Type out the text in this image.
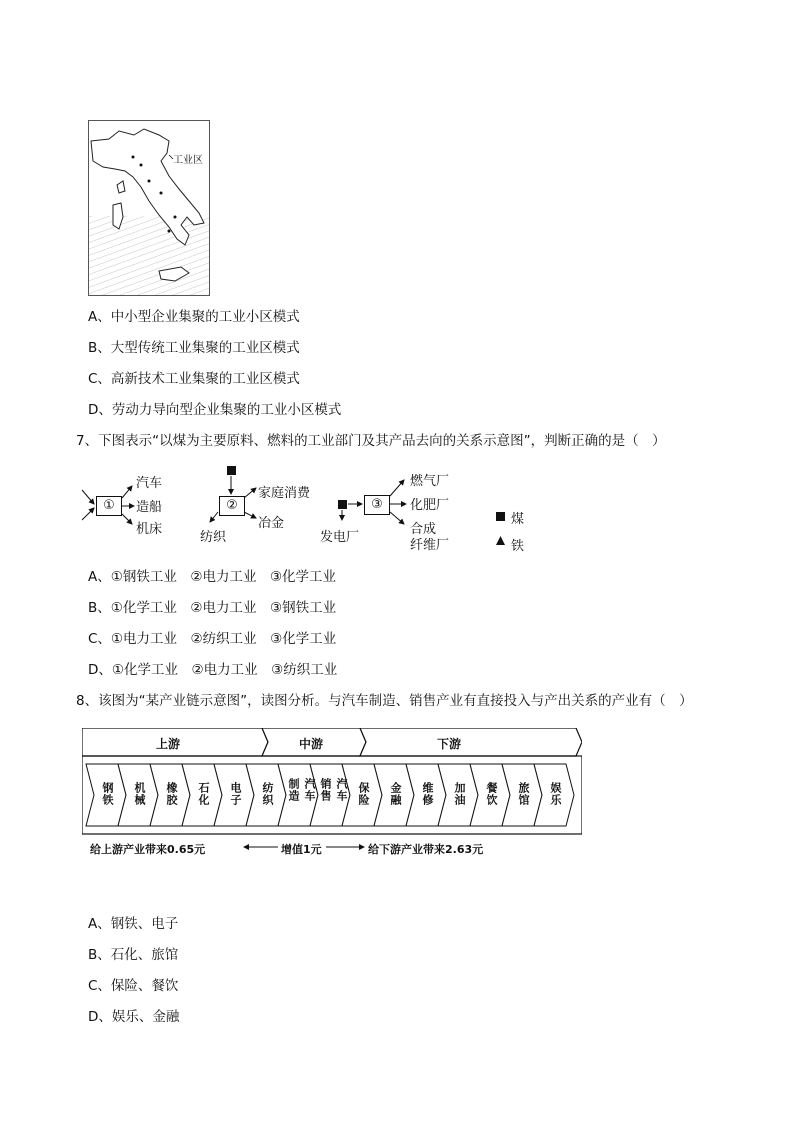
工业区
A、中小型企业集聚的工业小区模式
B、大型传统工业集聚的工业区模式
C、高新技术工业集聚的工业区模式
D、劳动力导向型企业集聚的工业小区模式
7、下图表示“以煤为主要原料、燃料的工业部门及其产品去向的关系示意图”，判断正确的是（　）
①	②	③
汽车
造船
机床
家庭消费
冶金
纺织	发电厂
燃气厂
化肥厂
合成
纤维厂
煤
铁
A、①钢铁工业　②电力工业　③化学工业
B、①化学工业　②电力工业　③钢铁工业
C、①电力工业　②纺织工业　③化学工业
D、①化学工业　②电力工业　③纺织工业
8、该图为“某产业链示意图”，读图分析。与汽车制造、销售产业有直接投入与产出关系的产业有（　）
上游	中游	下游
钢铁 机械 橡胶 石化 电子 纺织	汽车制造	汽车销售	保险 金融 维修 加油 餐饮 旅馆 娱乐
给上游产业带来0.65元	增值1元	给下游产业带来2.63元
A、钢铁、电子
B、石化、旅馆
C、保险、餐饮
D、娱乐、金融
